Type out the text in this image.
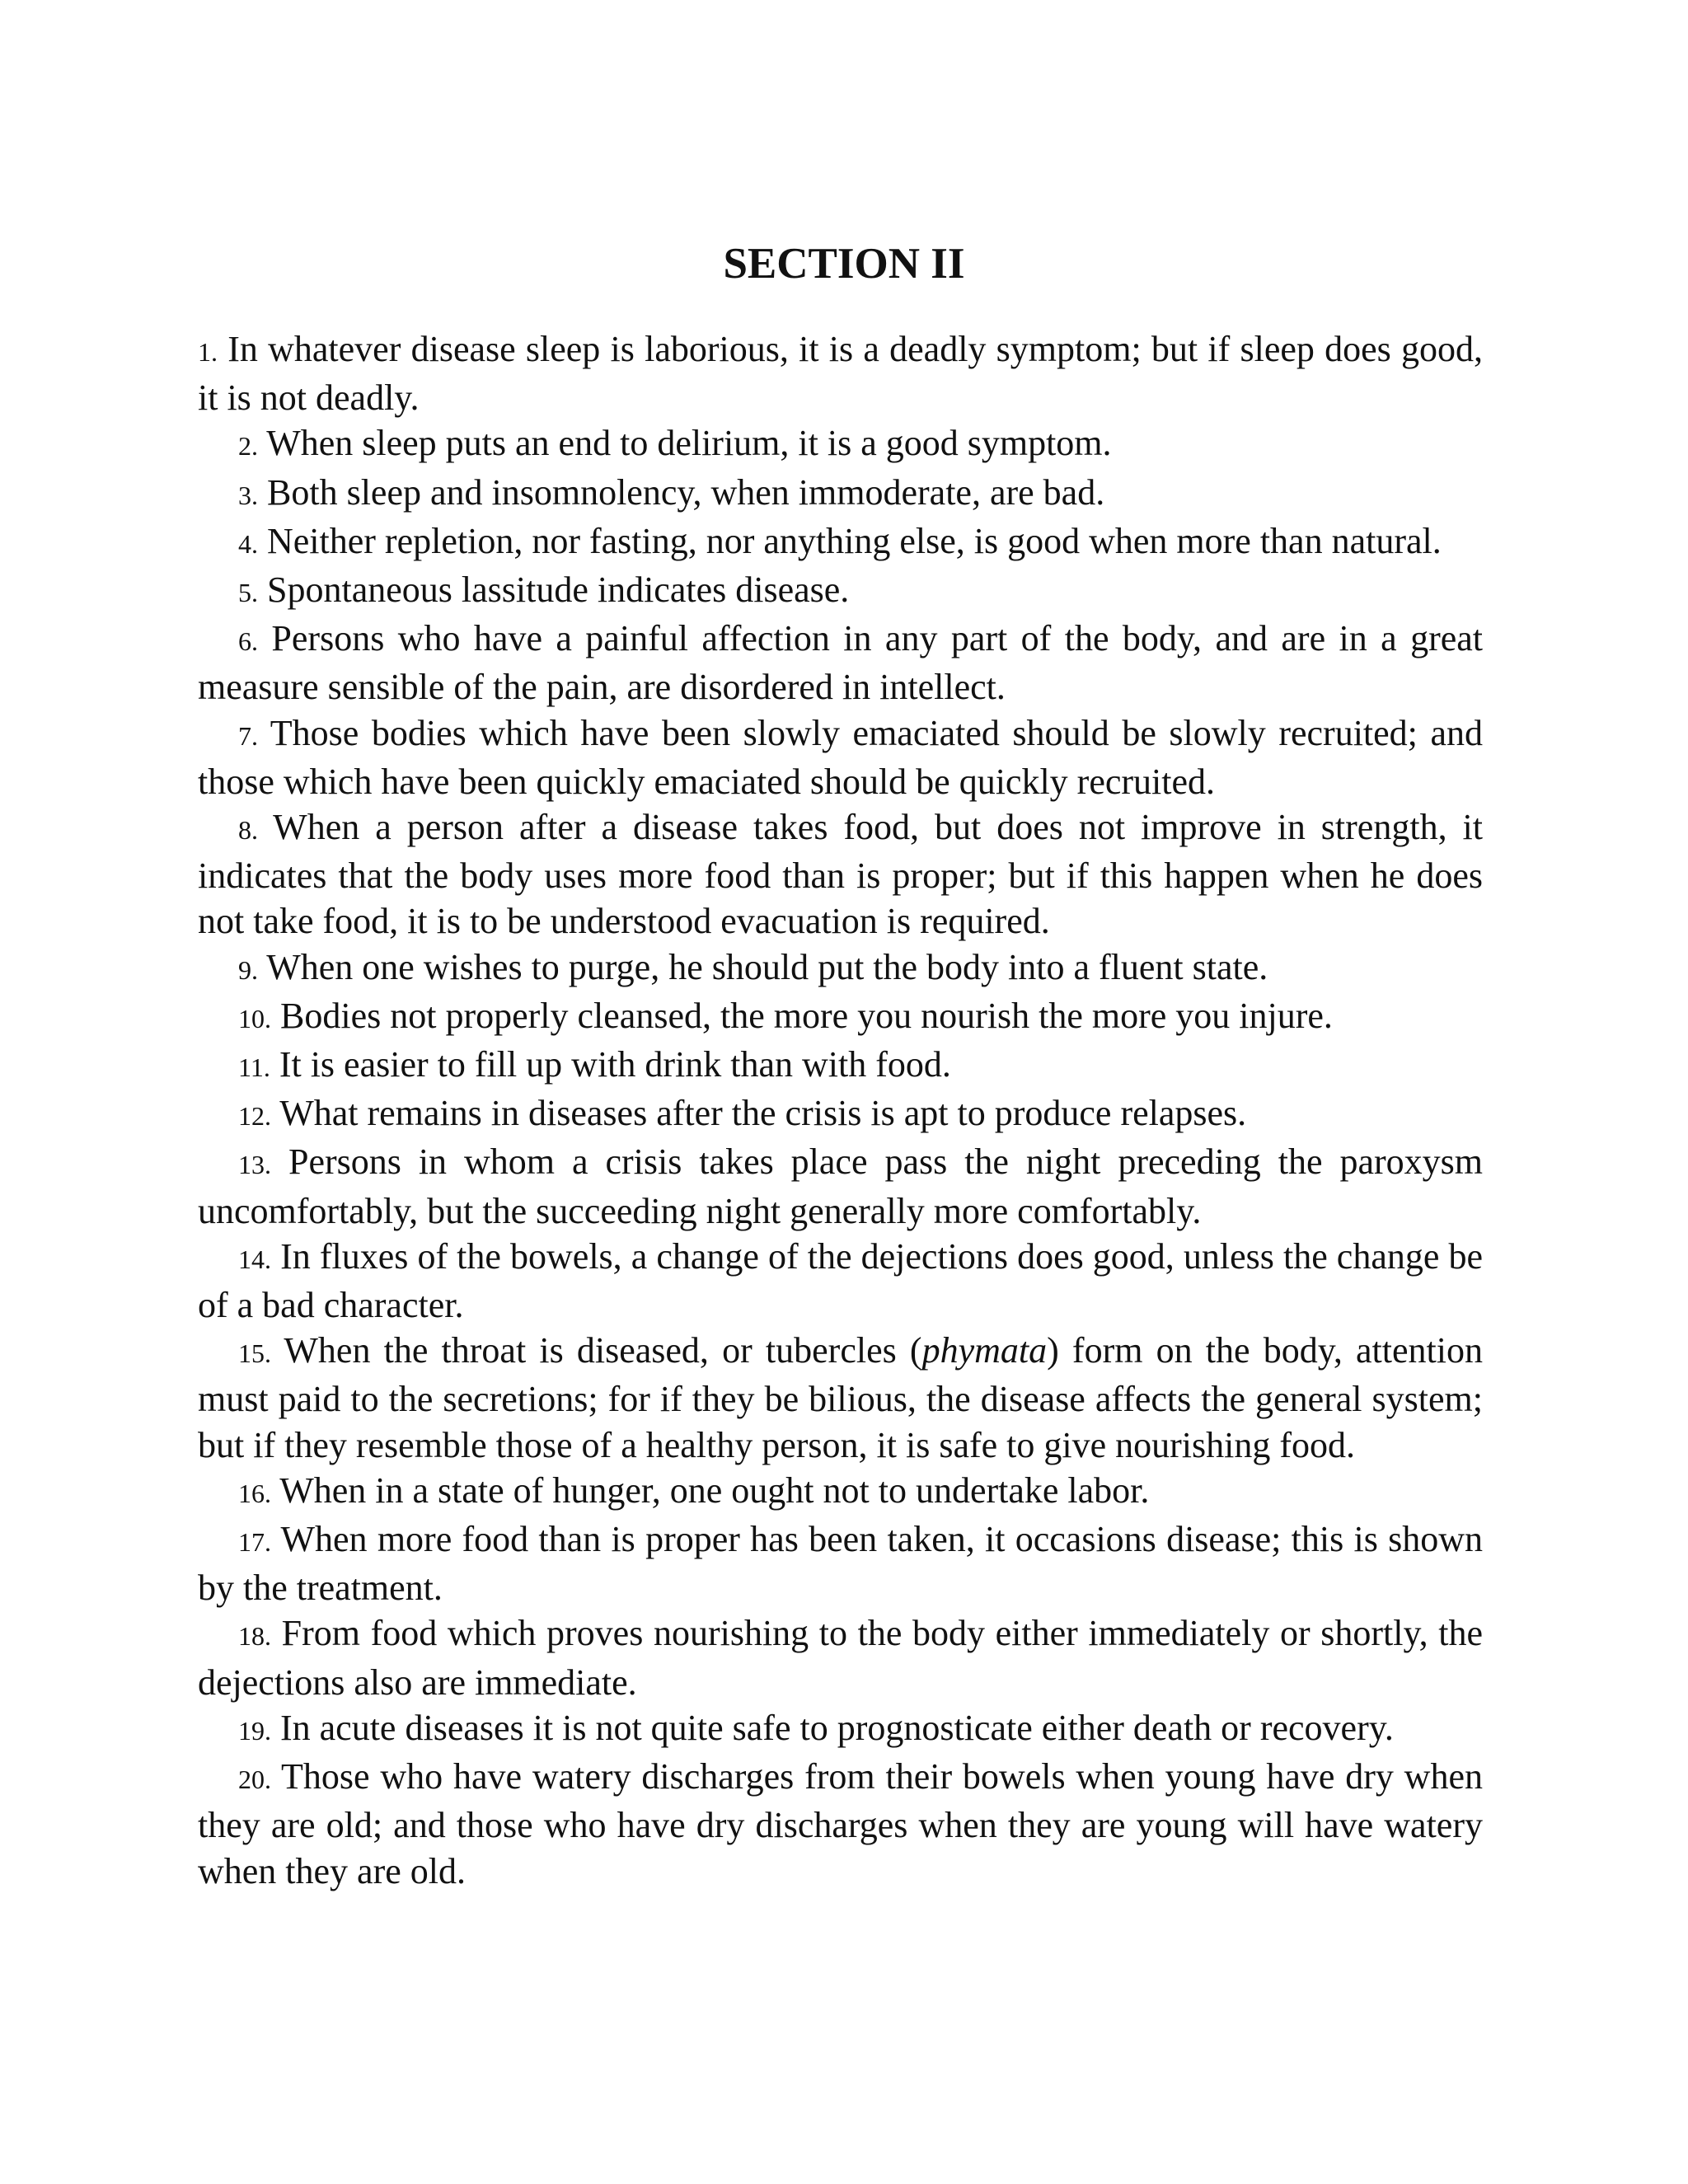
SECTION II

1. In whatever disease sleep is laborious, it is a deadly symptom; but if sleep does good, it is not deadly.

2. When sleep puts an end to delirium, it is a good symptom.

3. Both sleep and insomnolency, when immoderate, are bad.

4. Neither repletion, nor fasting, nor anything else, is good when more than natural.

5. Spontaneous lassitude indicates disease.

6. Persons who have a painful affection in any part of the body, and are in a great measure sensible of the pain, are disordered in intellect.

7. Those bodies which have been slowly emaciated should be slowly recruited; and those which have been quickly emaciated should be quickly recruited.

8. When a person after a disease takes food, but does not improve in strength, it indicates that the body uses more food than is proper; but if this happen when he does not take food, it is to be understood evacuation is required.

9. When one wishes to purge, he should put the body into a fluent state.

10. Bodies not properly cleansed, the more you nourish the more you injure.

11. It is easier to fill up with drink than with food.

12. What remains in diseases after the crisis is apt to produce relapses.

13. Persons in whom a crisis takes place pass the night preceding the paroxysm uncomfortably, but the succeeding night generally more comfortably.

14. In fluxes of the bowels, a change of the dejections does good, unless the change be of a bad character.

15. When the throat is diseased, or tubercles (phymata) form on the body, attention must paid to the secretions; for if they be bilious, the disease affects the general system; but if they resemble those of a healthy person, it is safe to give nourishing food.

16. When in a state of hunger, one ought not to undertake labor.

17. When more food than is proper has been taken, it occasions disease; this is shown by the treatment.

18. From food which proves nourishing to the body either immediately or shortly, the dejections also are immediate.

19. In acute diseases it is not quite safe to prognosticate either death or recovery.

20. Those who have watery discharges from their bowels when young have dry when they are old; and those who have dry discharges when they are young will have watery when they are old.
